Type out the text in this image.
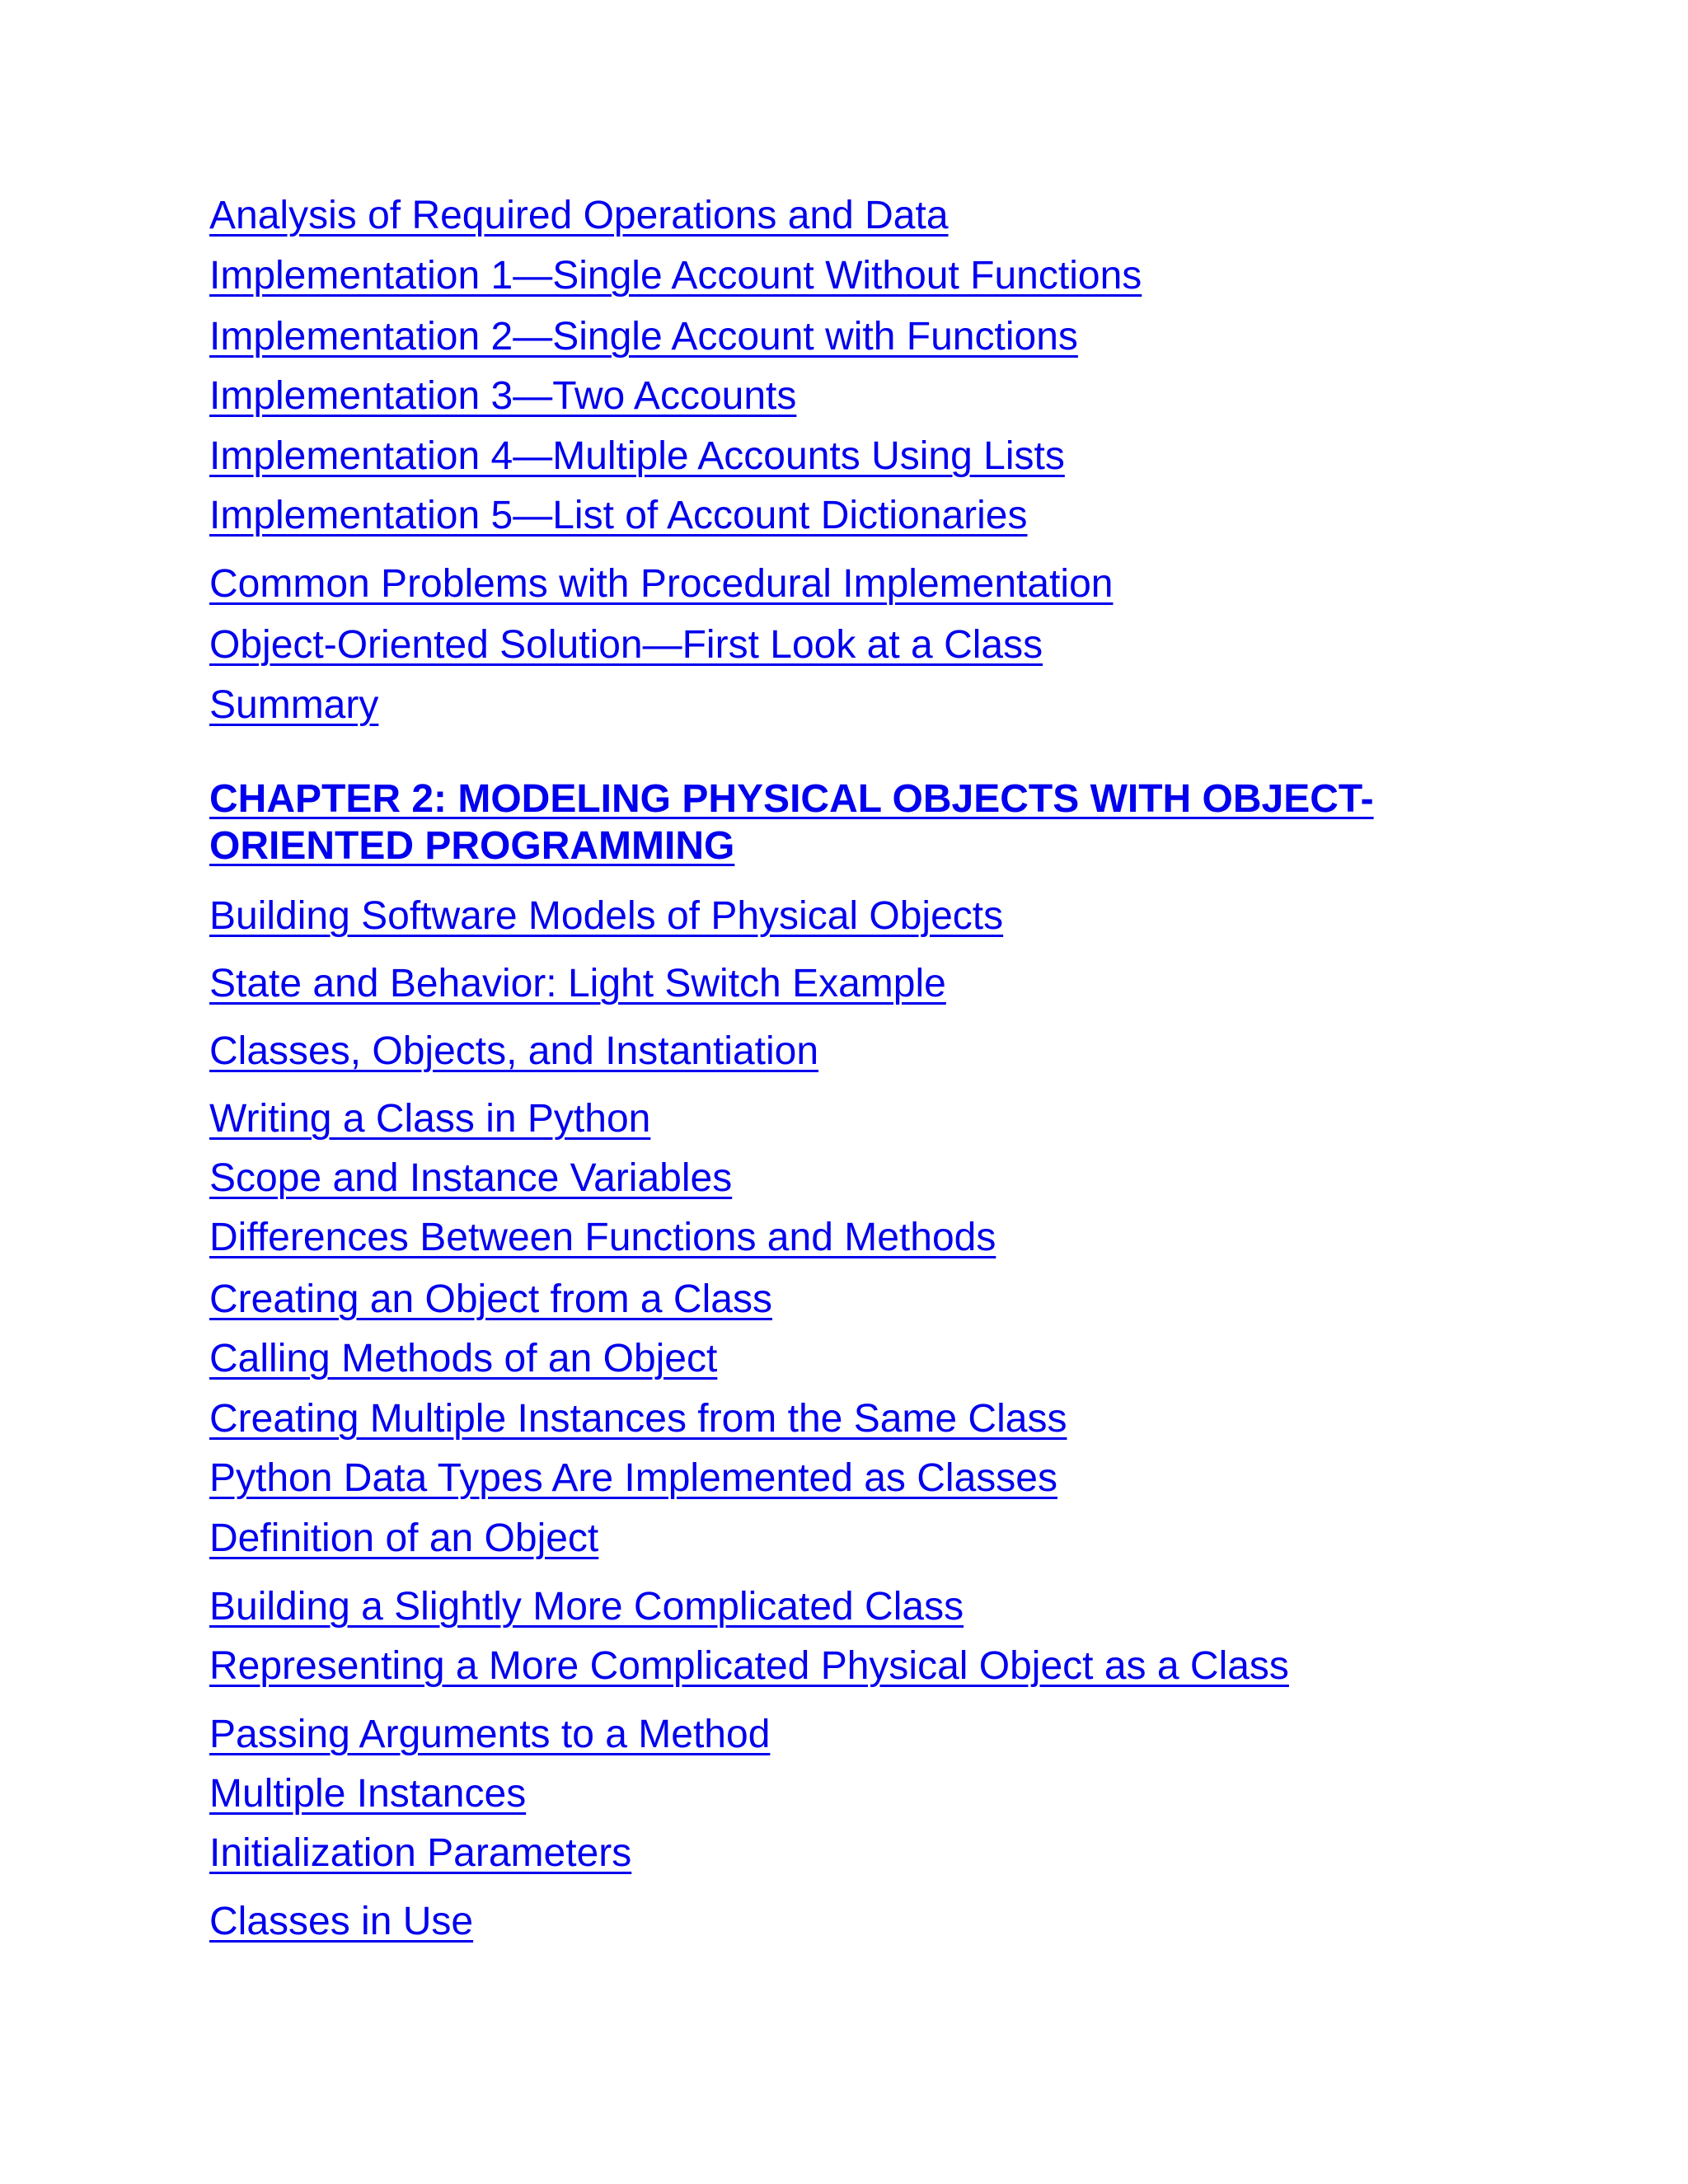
Analysis of Required Operations and Data
Implementation 1—Single Account Without Functions
Implementation 2—Single Account with Functions
Implementation 3—Two Accounts
Implementation 4—Multiple Accounts Using Lists
Implementation 5—List of Account Dictionaries
Common Problems with Procedural Implementation
Object-Oriented Solution—First Look at a Class
Summary
CHAPTER 2: MODELING PHYSICAL OBJECTS WITH OBJECT-ORIENTED PROGRAMMING
Building Software Models of Physical Objects
State and Behavior: Light Switch Example
Classes, Objects, and Instantiation
Writing a Class in Python
Scope and Instance Variables
Differences Between Functions and Methods
Creating an Object from a Class
Calling Methods of an Object
Creating Multiple Instances from the Same Class
Python Data Types Are Implemented as Classes
Definition of an Object
Building a Slightly More Complicated Class
Representing a More Complicated Physical Object as a Class
Passing Arguments to a Method
Multiple Instances
Initialization Parameters
Classes in Use
